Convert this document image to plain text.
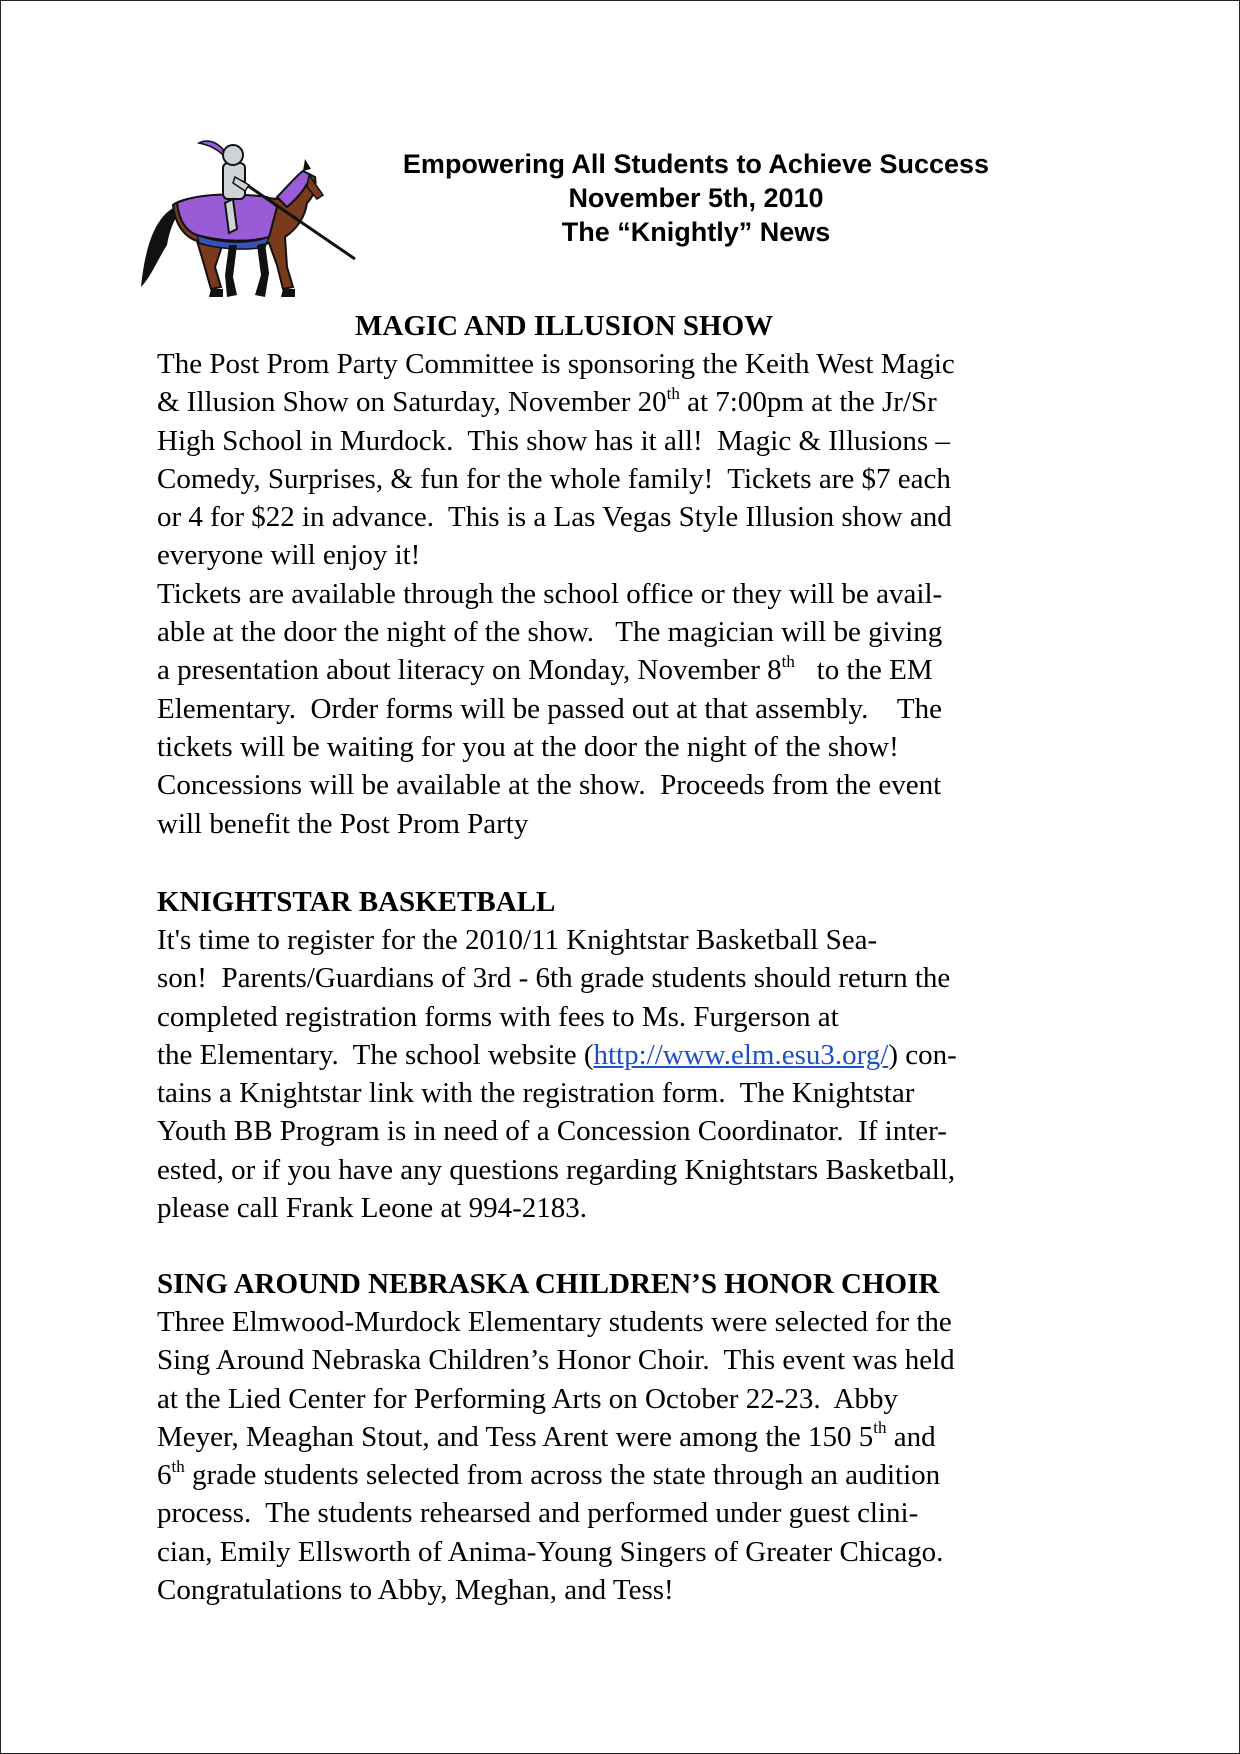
Empowering All Students to Achieve Success
November 5th, 2010
The “Knightly” News
MAGIC AND ILLUSION SHOW
The Post Prom Party Committee is sponsoring the Keith West Magic
& Illusion Show on Saturday, November 20th at 7:00pm at the Jr/Sr
High School in Murdock.  This show has it all!  Magic & Illusions –
Comedy, Surprises, & fun for the whole family!  Tickets are $7 each
or 4 for $22 in advance.  This is a Las Vegas Style Illusion show and
everyone will enjoy it!
Tickets are available through the school office or they will be avail-
able at the door the night of the show.   The magician will be giving
a presentation about literacy on Monday, November 8th   to the EM
Elementary.  Order forms will be passed out at that assembly.    The
tickets will be waiting for you at the door the night of the show!
Concessions will be available at the show.  Proceeds from the event
will benefit the Post Prom Party
KNIGHTSTAR BASKETBALL
It's time to register for the 2010/11 Knightstar Basketball Sea-
son!  Parents/Guardians of 3rd - 6th grade students should return the
completed registration forms with fees to Ms. Furgerson at
the Elementary.  The school website (http://www.elm.esu3.org/) con-
tains a Knightstar link with the registration form.  The Knightstar
Youth BB Program is in need of a Concession Coordinator.  If inter-
ested, or if you have any questions regarding Knightstars Basketball,
please call Frank Leone at 994-2183.
SING AROUND NEBRASKA CHILDREN’S HONOR CHOIR
Three Elmwood-Murdock Elementary students were selected for the
Sing Around Nebraska Children’s Honor Choir.  This event was held
at the Lied Center for Performing Arts on October 22-23.  Abby
Meyer, Meaghan Stout, and Tess Arent were among the 150 5th and
6th grade students selected from across the state through an audition
process.  The students rehearsed and performed under guest clini-
cian, Emily Ellsworth of Anima-Young Singers of Greater Chicago.
Congratulations to Abby, Meghan, and Tess!
